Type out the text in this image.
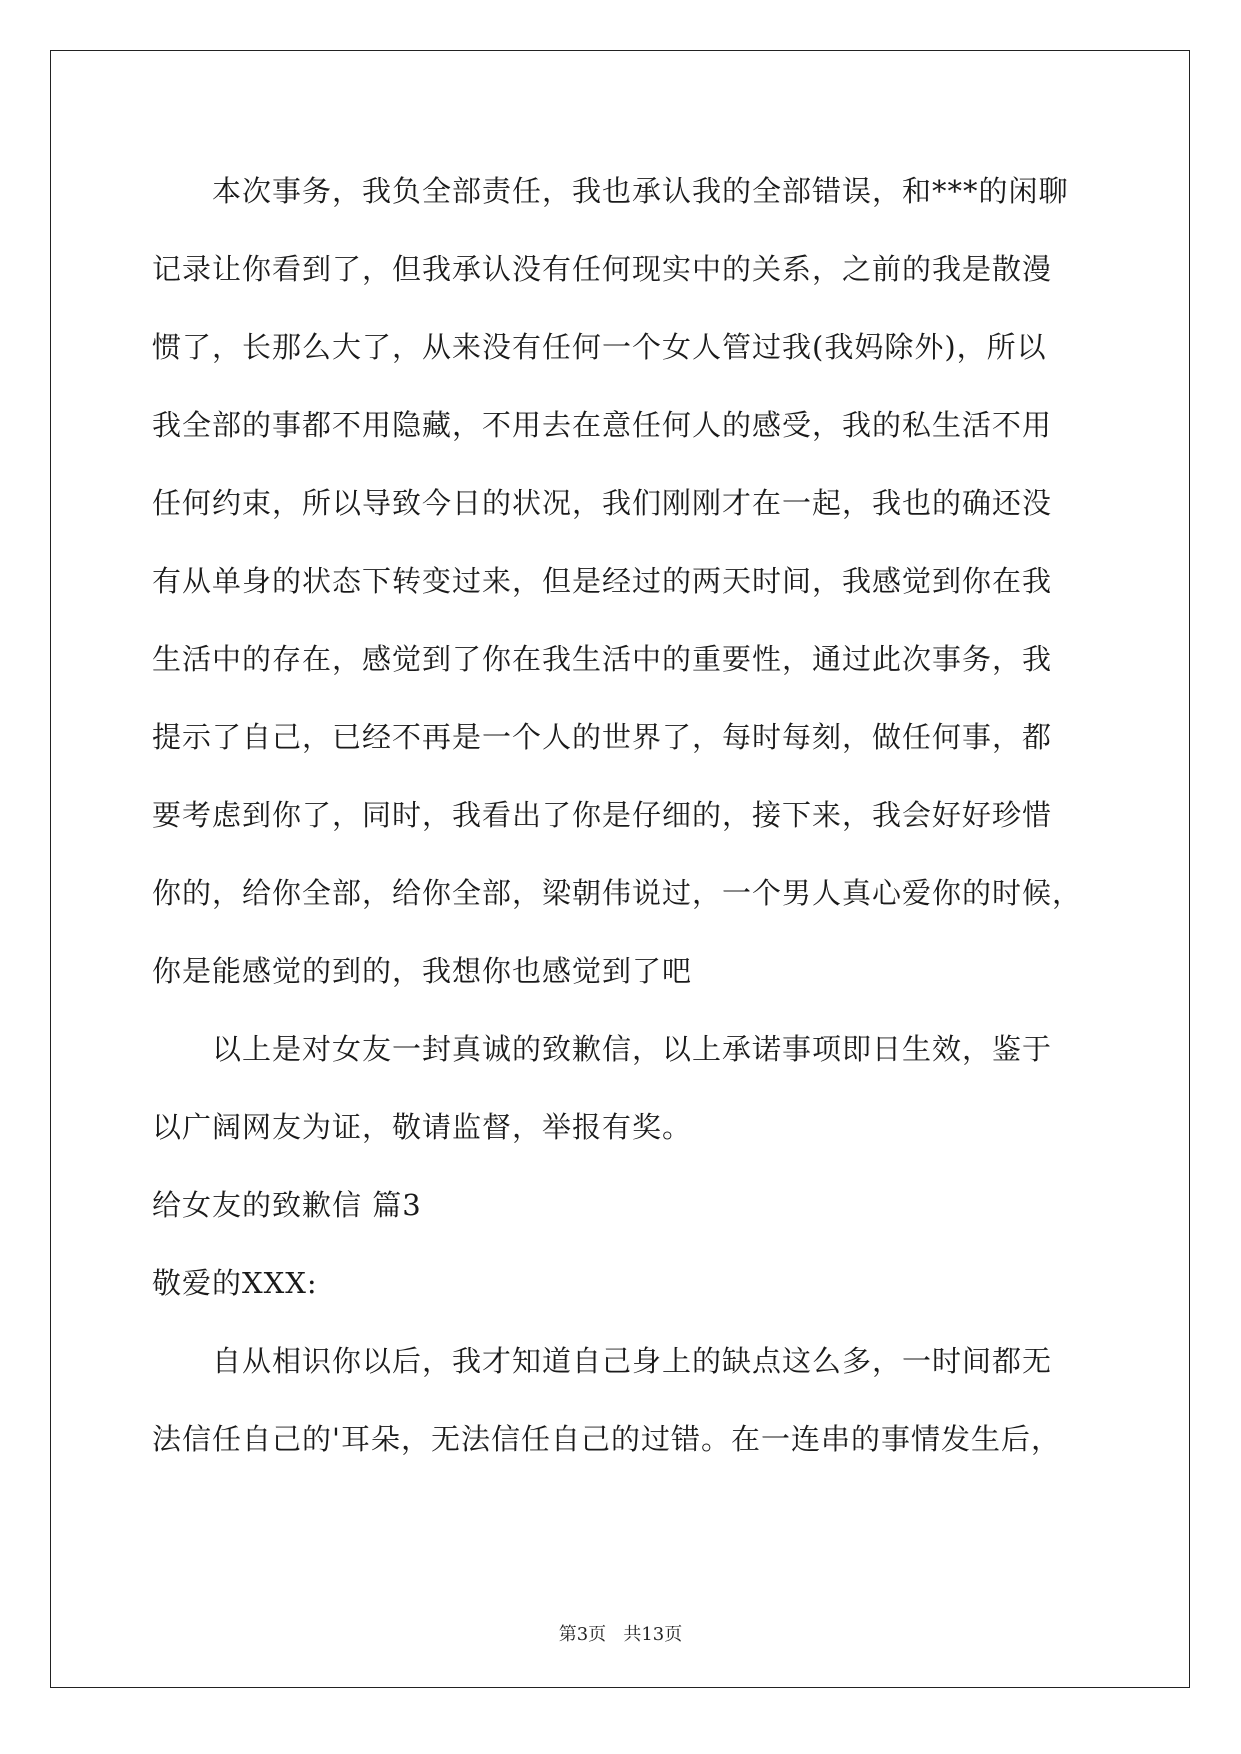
本次事务，我负全部责任，我也承认我的全部错误，和***的闲聊
记录让你看到了，但我承认没有任何现实中的关系，之前的我是散漫
惯了，长那么大了，从来没有任何一个女人管过我(我妈除外)，所以
我全部的事都不用隐藏，不用去在意任何人的感受，我的私生活不用
任何约束，所以导致今日的状况，我们刚刚才在一起，我也的确还没
有从单身的状态下转变过来，但是经过的两天时间，我感觉到你在我
生活中的存在，感觉到了你在我生活中的重要性，通过此次事务，我
提示了自己，已经不再是一个人的世界了，每时每刻，做任何事，都
要考虑到你了，同时，我看出了你是仔细的，接下来，我会好好珍惜
你的，给你全部，给你全部，梁朝伟说过，一个男人真心爱你的时候，
你是能感觉的到的，我想你也感觉到了吧
以上是对女友一封真诚的致歉信，以上承诺事项即日生效，鉴于
以广阔网友为证，敬请监督，举报有奖。
给女友的致歉信 篇3
敬爱的XXX:
自从相识你以后，我才知道自己身上的缺点这么多，一时间都无
法信任自己的'耳朵，无法信任自己的过错。在一连串的事情发生后，
第3页   共13页
